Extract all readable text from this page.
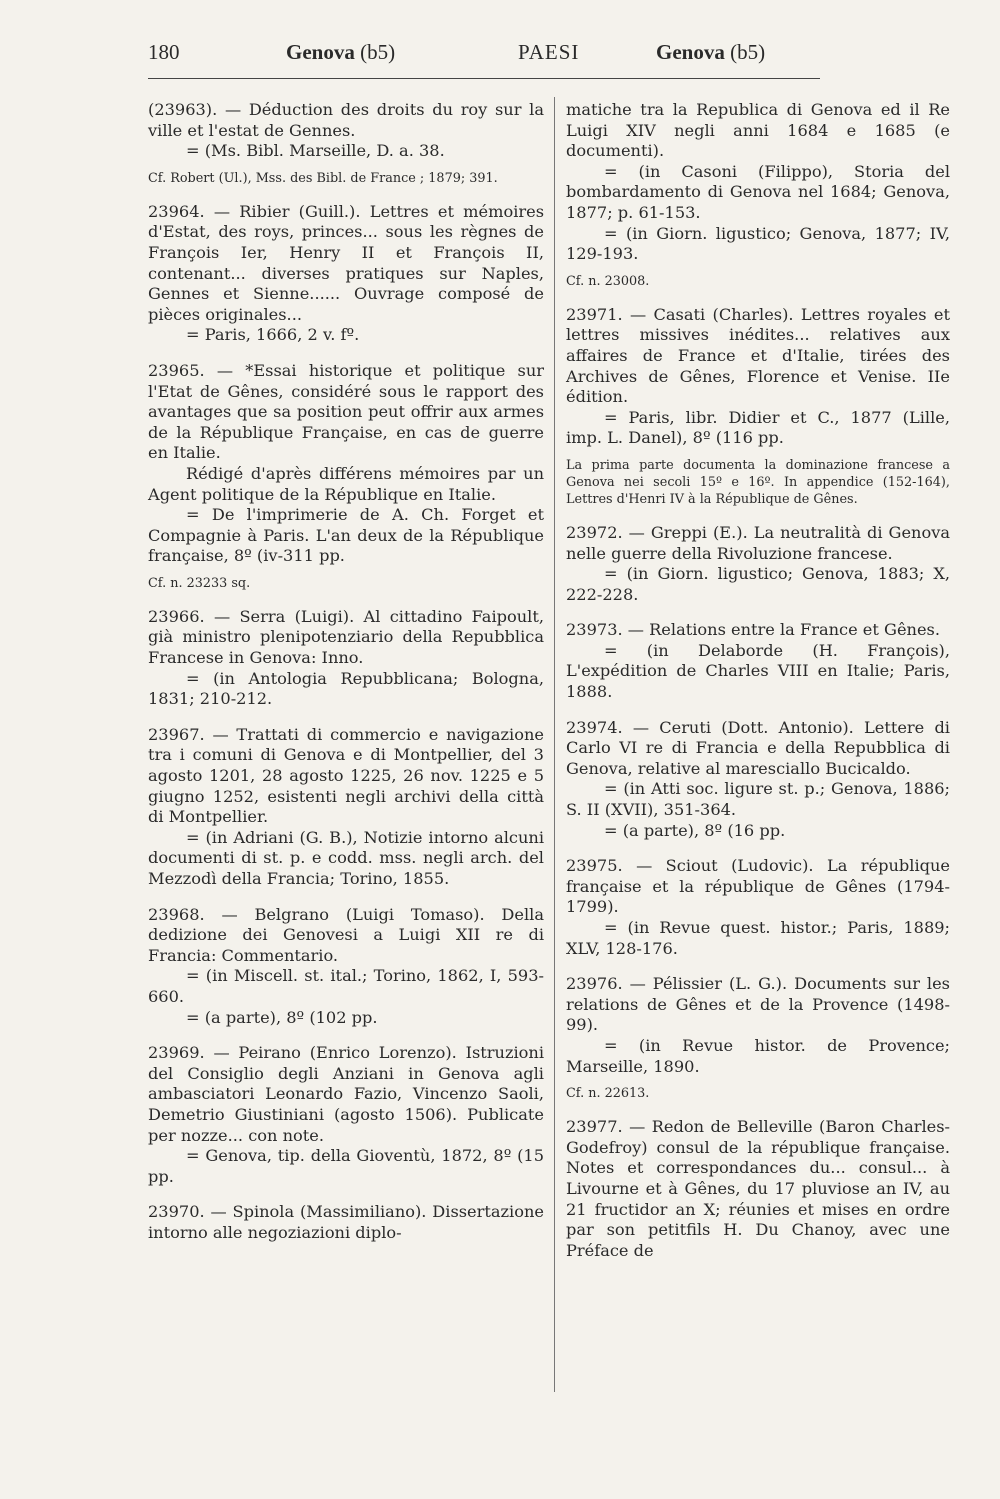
180	Genova (b5)	PAESI	Genova (b5)

(23963). — Déduction des droits du roy sur la ville et l'estat de Gennes.

= (Ms. Bibl. Marseille, D. a. 38.

Cf. Robert (Ul.), Mss. des Bibl. de France ; 1879; 391.

23964. — Ribier (Guill.). Lettres et mémoires d'Estat, des roys, princes... sous les règnes de François Ier, Henry II et François II, contenant... diverses pratiques sur Naples, Gennes et Sienne...... Ouvrage composé de pièces originales...

= Paris, 1666, 2 v. fº.

23965. — *Essai historique et politique sur l'Etat de Gênes, considéré sous le rapport des avantages que sa position peut offrir aux armes de la République Française, en cas de guerre en Italie.

Rédigé d'après différens mémoires par un Agent politique de la République en Italie.

= De l'imprimerie de A. Ch. Forget et Compagnie à Paris. L'an deux de la République française, 8º (iv-311 pp.

Cf. n. 23233 sq.

23966. — Serra (Luigi). Al cittadino Faipoult, già ministro plenipotenziario della Repubblica Francese in Genova: Inno.

= (in Antologia Repubblicana; Bologna, 1831; 210-212.

23967. — Trattati di commercio e navigazione tra i comuni di Genova e di Montpellier, del 3 agosto 1201, 28 agosto 1225, 26 nov. 1225 e 5 giugno 1252, esistenti negli archivi della città di Montpellier.

= (in Adriani (G. B.), Notizie intorno alcuni documenti di st. p. e codd. mss. negli arch. del Mezzodì della Francia; Torino, 1855.

23968. — Belgrano (Luigi Tomaso). Della dedizione dei Genovesi a Luigi XII re di Francia: Commentario.

= (in Miscell. st. ital.; Torino, 1862, I, 593-660.

= (a parte), 8º (102 pp.

23969. — Peirano (Enrico Lorenzo). Istruzioni del Consiglio degli Anziani in Genova agli ambasciatori Leonardo Fazio, Vincenzo Saoli, Demetrio Giustiniani (agosto 1506). Publicate per nozze... con note.

= Genova, tip. della Gioventù, 1872, 8º (15 pp.

23970. — Spinola (Massimiliano). Dissertazione intorno alle negoziazioni diplo-

matiche tra la Republica di Genova ed il Re Luigi XIV negli anni 1684 e 1685 (e documenti).

= (in Casoni (Filippo), Storia del bombardamento di Genova nel 1684; Genova, 1877; p. 61-153.

= (in Giorn. ligustico; Genova, 1877; IV, 129-193.

Cf. n. 23008.

23971. — Casati (Charles). Lettres royales et lettres missives inédites... relatives aux affaires de France et d'Italie, tirées des Archives de Gênes, Florence et Venise. IIe édition.

= Paris, libr. Didier et C., 1877 (Lille, imp. L. Danel), 8º (116 pp.

La prima parte documenta la dominazione francese a Genova nei secoli 15º e 16º. In appendice (152-164), Lettres d'Henri IV à la République de Gênes.

23972. — Greppi (E.). La neutralità di Genova nelle guerre della Rivoluzione francese.

= (in Giorn. ligustico; Genova, 1883; X, 222-228.

23973. — Relations entre la France et Gênes.

= (in Delaborde (H. François), L'expédition de Charles VIII en Italie; Paris, 1888.

23974. — Ceruti (Dott. Antonio). Lettere di Carlo VI re di Francia e della Repubblica di Genova, relative al maresciallo Bucicaldo.

= (in Atti soc. ligure st. p.; Genova, 1886; S. II (XVII), 351-364.

= (a parte), 8º (16 pp.

23975. — Sciout (Ludovic). La république française et la république de Gênes (1794-1799).

= (in Revue quest. histor.; Paris, 1889; XLV, 128-176.

23976. — Pélissier (L. G.). Documents sur les relations de Gênes et de la Provence (1498-99).

= (in Revue histor. de Provence; Marseille, 1890.

Cf. n. 22613.

23977. — Redon de Belleville (Baron Charles-Godefroy) consul de la république française. Notes et correspondances du... consul... à Livourne et à Gênes, du 17 pluviose an IV, au 21 fructidor an X; réunies et mises en ordre par son petitfils H. Du Chanoy, avec une Préface de
